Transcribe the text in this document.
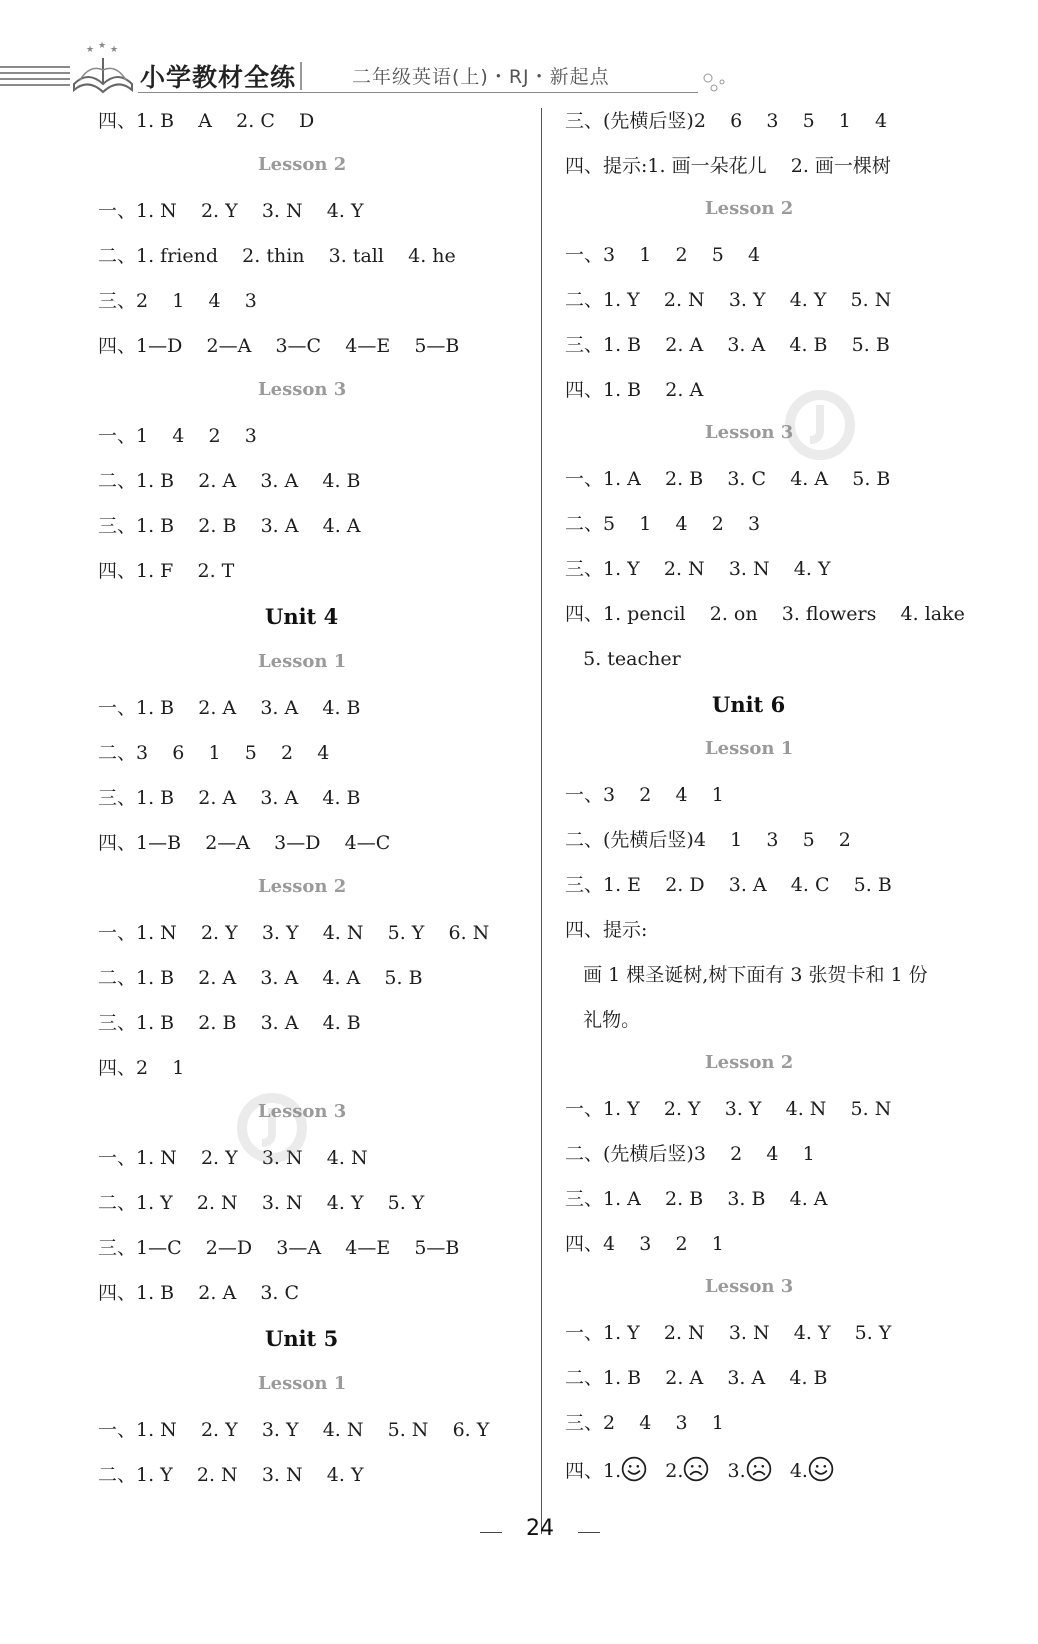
★ ★ ★
小学教材全练	二年级英语(上)・RJ・新起点
四、1. B    A    2. C    D
Lesson 2
一、1. N    2. Y    3. N    4. Y
二、1. friend    2. thin    3. tall    4. he
三、2    1    4    3
四、1—D    2—A    3—C    4—E    5—B
Lesson 3
一、1    4    2    3
二、1. B    2. A    3. A    4. B
三、1. B    2. B    3. A    4. A
四、1. F    2. T
Unit 4
Lesson 1
一、1. B    2. A    3. A    4. B
二、3    6    1    5    2    4
三、1. B    2. A    3. A    4. B
四、1—B    2—A    3—D    4—C
Lesson 2
一、1. N    2. Y    3. Y    4. N    5. Y    6. N
二、1. B    2. A    3. A    4. A    5. B
三、1. B    2. B    3. A    4. B
四、2    1
Lesson 3
一、1. N    2. Y    3. N    4. N
二、1. Y    2. N    3. N    4. Y    5. Y
三、1—C    2—D    3—A    4—E    5—B
四、1. B    2. A    3. C
Unit 5
Lesson 1
一、1. N    2. Y    3. Y    4. N    5. N    6. Y
二、1. Y    2. N    3. N    4. Y
三、(先横后竖)2    6    3    5    1    4
四、提示:1. 画一朵花儿    2. 画一棵树
Lesson 2
一、3    1    2    5    4
二、1. Y    2. N    3. Y    4. Y    5. N
三、1. B    2. A    3. A    4. B    5. B
四、1. B    2. A
Lesson 3
一、1. A    2. B    3. C    4. A    5. B
二、5    1    4    2    3
三、1. Y    2. N    3. N    4. Y
四、1. pencil    2. on    3. flowers    4. lake
5. teacher
Unit 6
Lesson 1
一、3    2    4    1
二、(先横后竖)4    1    3    5    2
三、1. E    2. D    3. A    4. C    5. B
四、提示:
画 1 棵圣诞树,树下面有 3 张贺卡和 1 份
礼物。
Lesson 2
一、1. Y    2. Y    3. Y    4. N    5. N
二、(先横后竖)3    2    4    1
三、1. A    2. B    3. B    4. A
四、4    3    2    1
Lesson 3
一、1. Y    2. N    3. N    4. Y    5. Y
二、1. B    2. A    3. A    4. B
三、2    4    3    1
四、1. 2. 3. 4.
24
